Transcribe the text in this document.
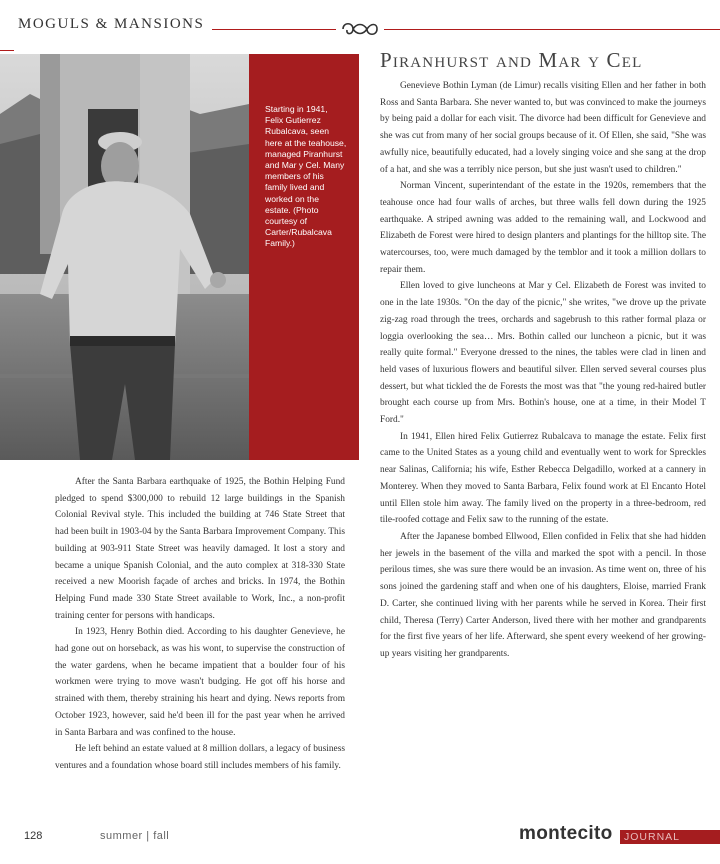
MOGULS & MANSIONS
Starting in 1941, Felix Gutierrez Rubalcava, seen here at the teahouse, managed Piranhurst and Mar y Cel. Many members of his family lived and worked on the estate. (Photo courtesy of Carter/Rubalcava Family.)
Piranhurst and Mar y Cel

After the Santa Barbara earthquake of 1925, the Bothin Helping Fund pledged to spend $300,000 to rebuild 12 large buildings in the Spanish Colonial Revival style. This included the building at 746 State Street that had been built in 1903-04 by the Santa Barbara Improvement Company. This building at 903-911 State Street was heavily damaged. It lost a story and became a unique Spanish Colonial, and the auto complex at 318-330 State received a new Moorish façade of arches and bricks. In 1974, the Bothin Helping Fund made 330 State Street available to Work, Inc., a non-profit training center for persons with handicaps.

In 1923, Henry Bothin died. According to his daughter Genevieve, he had gone out on horseback, as was his wont, to supervise the construction of the water gardens, when he became impatient that a boulder four of his workmen were trying to move wasn't budging. He got off his horse and strained with them, thereby straining his heart and dying. News reports from October 1923, however, said he'd been ill for the past year when he arrived in Santa Barbara and was confined to the house.

He left behind an estate valued at 8 million dollars, a legacy of business ventures and a foundation whose board still includes members of his family.

Genevieve Bothin Lyman (de Limur) recalls visiting Ellen and her father in both Ross and Santa Barbara. She never wanted to, but was convinced to make the journeys by being paid a dollar for each visit. The divorce had been difficult for Genevieve and she was cut from many of her social groups because of it. Of Ellen, she said, "She was awfully nice, beautifully educated, had a lovely singing voice and she sang at the drop of a hat, and she was a terribly nice person, but she just wasn't used to children."

Norman Vincent, superintendant of the estate in the 1920s, remembers that the teahouse once had four walls of arches, but three walls fell down during the 1925 earthquake. A striped awning was added to the remaining wall, and Lockwood and Elizabeth de Forest were hired to design planters and plantings for the hilltop site. The watercourses, too, were much damaged by the temblor and it took a million dollars to repair them.

Ellen loved to give luncheons at Mar y Cel. Elizabeth de Forest was invited to one in the late 1930s. "On the day of the picnic," she writes, "we drove up the private zig-zag road through the trees, orchards and sagebrush to this rather formal plaza or loggia overlooking the sea… Mrs. Bothin called our luncheon a picnic, but it was really quite formal." Everyone dressed to the nines, the tables were clad in linen and held vases of luxurious flowers and beautiful silver. Ellen served several courses plus dessert, but what tickled the de Forests the most was that "the young red-haired butler brought each course up from Mrs. Bothin's house, one at a time, in their Model T Ford."

In 1941, Ellen hired Felix Gutierrez Rubalcava to manage the estate. Felix first came to the United States as a young child and eventually went to work for Spreckles near Salinas, California; his wife, Esther Rebecca Delgadillo, worked at a cannery in Monterey. When they moved to Santa Barbara, Felix found work at El Encanto Hotel until Ellen stole him away. The family lived on the property in a three-bedroom, red tile-roofed cottage and Felix saw to the running of the estate.

After the Japanese bombed Ellwood, Ellen confided in Felix that she had hidden her jewels in the basement of the villa and marked the spot with a pencil. In those perilous times, she was sure there would be an invasion. As time went on, three of his sons joined the gardening staff and when one of his daughters, Eloise, married Frank D. Carter, she continued living with her parents while he served in Korea. Their first child, Theresa (Terry) Carter Anderson, lived there with her mother and grandparents for the first five years of her life. Afterward, she spent every weekend of her growing-up years visiting her grandparents.

128	summer | fall	montecito JOURNAL
